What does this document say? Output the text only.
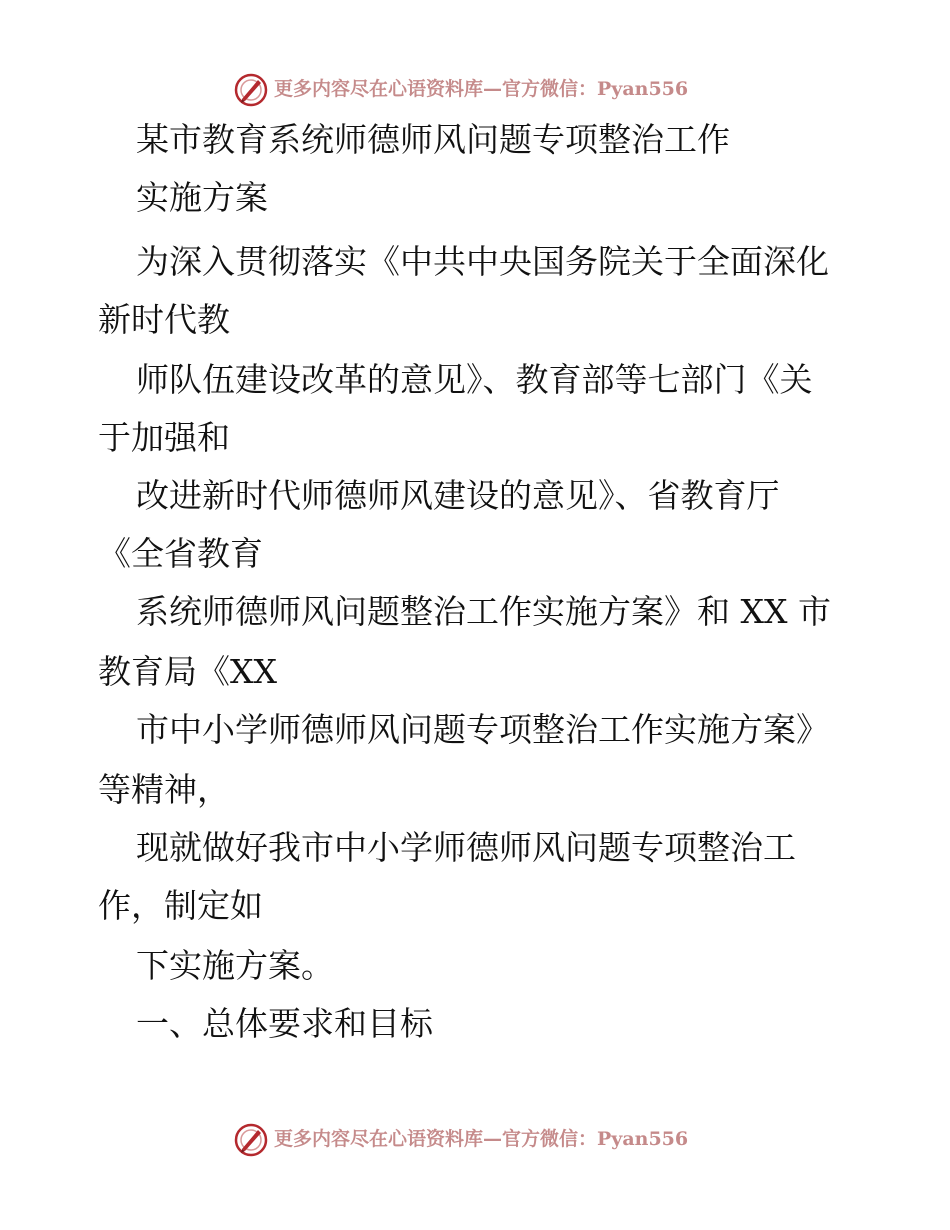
更多内容尽在心语资料库—官方微信：Pyan556
某市教育系统师德师风问题专项整治工作
实施方案
为深入贯彻落实《中共中央国务院关于全面深化
新时代教
师队伍建设改革的意见》、教育部等七部门《关
于加强和
改进新时代师德师风建设的意见》、省教育厅
《全省教育
系统师德师风问题整治工作实施方案》和 XX 市
教育局《XX
市中小学师德师风问题专项整治工作实施方案》
等精神，
现就做好我市中小学师德师风问题专项整治工
作，制定如
下实施方案。
一、总体要求和目标
更多内容尽在心语资料库—官方微信：Pyan556
